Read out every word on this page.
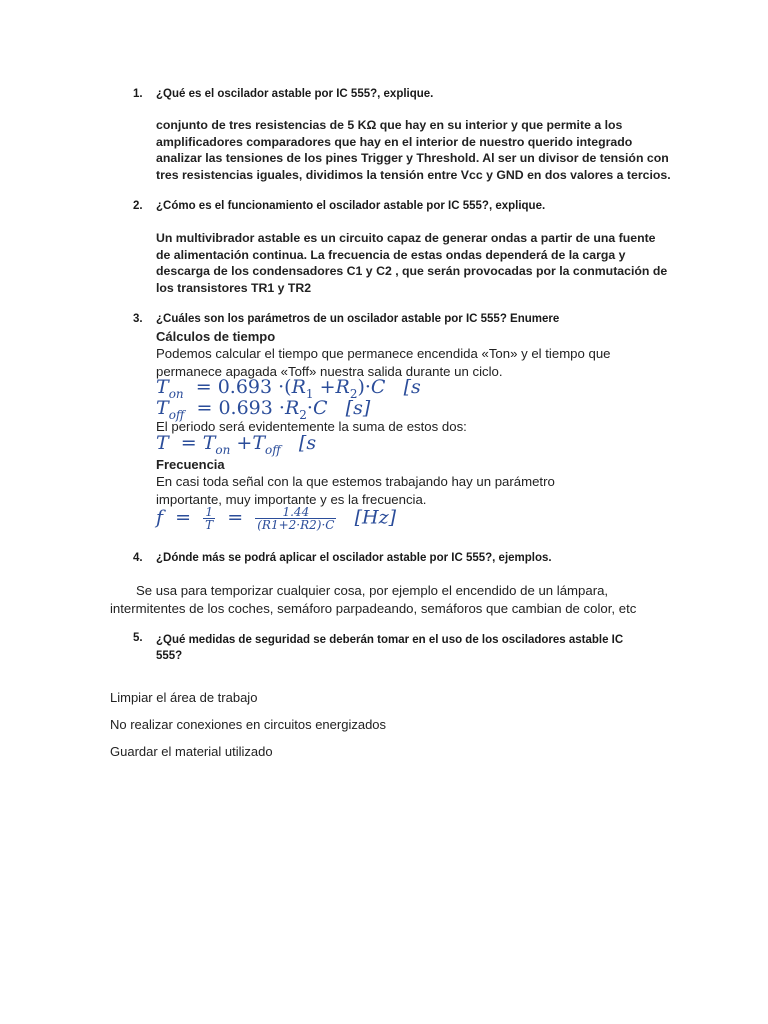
1. ¿Qué es el oscilador astable por IC 555?, explique.
conjunto de tres resistencias de 5 KΩ que hay en su interior y que permite a los
amplificadores comparadores que hay en el interior de nuestro querido integrado
analizar las tensiones de los pines Trigger y Threshold. Al ser un divisor de tensión con
tres resistencias iguales, dividimos la tensión entre Vcc y GND en dos valores a tercios.
2. ¿Cómo es el funcionamiento el oscilador astable por IC 555?, explique.
Un multivibrador astable es un circuito capaz de generar ondas a partir de una fuente
de alimentación continua. La frecuencia de estas ondas dependerá de la carga y
descarga de los condensadores C1 y C2 , que serán provocadas por la conmutación de
los transistores TR1 y TR2
3. ¿Cuáles son los parámetros de un oscilador astable por IC 555? Enumere
Cálculos de tiempo
Podemos calcular el tiempo que permanece encendida «Ton» y el tiempo que
permanece apagada «Toff» nuestra salida durante un ciclo.
$T_{on} = 0.693 \cdot(R_1 +R_2)\cdot C$ [s
$T_{off} = 0.693 \cdot R_2\cdot C$ [s]
El periodo será evidentemente la suma de estos dos:
$T = T_{on} +T_{off}$ [s
Frecuencia
En casi toda señal con la que estemos trabajando hay un parámetro
importante, muy importante y es la frecuencia.
$f = \frac{1}{T} = \frac{1.44}{(R1+2\cdot R2)\cdot C} [Hz]$
4. ¿Dónde más se podrá aplicar el oscilador astable por IC 555?, ejemplos.
Se usa para temporizar cualquier cosa, por ejemplo el encendido de un lámpara,
intermitentes de los coches, semáforo parpadeando, semáforos que cambian de color, etc
5. ¿Qué medidas de seguridad se deberán tomar en el uso de los osciladores astable IC
555?
Limpiar el área de trabajo
No realizar conexiones en circuitos energizados
Guardar el material utilizado
